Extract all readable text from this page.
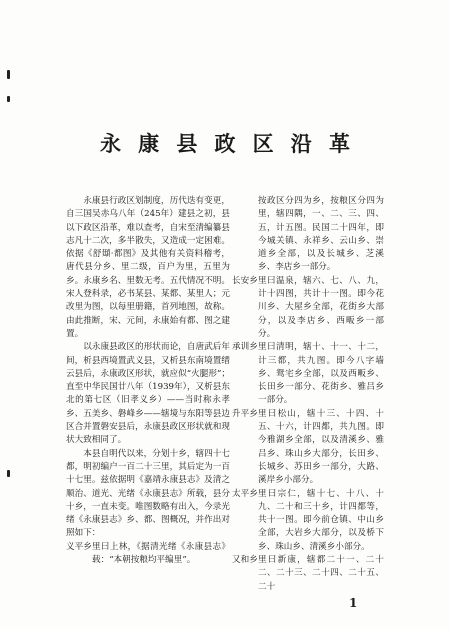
永 康 县 政 区 沿 革

永康县行政区划制度，历代迭有变更，自三国吴赤乌八年（245年）建县之初，县以下政区沿革，难以查考，自宋至清编纂县志凡十二次，多半散失，又造成一定困难。依据《舒頲·都图》及其他有关资料稽考，唐代县分乡、里二级，百户为里，五里为乡。永康乡名、里数无考。五代情况不明。宋人登科录，必书某县、某都、某里人；元改里为图，以每里册籍，首列地图，故称。由此推断，宋、元间，永康始有都、图之建置。

以永康县政区的形状而论，自唐武后年间，析县西境置武义县，又析县东南境置缙云县后，永康政区形状，就应似“火腿形”；直至中华民国廿八年（1939年），又析县东北的第七区（旧孝义乡）——当时称永孝乡、五美乡、磐峰乡——辖境与东阳等县边区合并置磐安县后，永康县政区形状就和现状大致相同了。

本县自明代以来，分划十乡，辖四十七都，明初编户一百二十三里，其后定为一百十七里。兹依据明《嘉靖永康县志》及清之顺治、道光、光绪《永康县志》所载，县分十乡，一直未变。唯图数略有出入，今录光绪《永康县志》乡、都、图概况，并作出对照如下：

义平乡 里曰上林，《据清光绪《永康县志》载：“本朝按粮均平编里”。
按政区分四为乡，按粮区分四为里，辖四隅，一、二、三、四、五，计五图。民国二十四年，即今城关镇、永祥乡、云山乡、崇道乡全部，以及长城乡、芝溪乡、李店乡一部分。
长安乡 里曰温泉，辖六、七、八、九，计十四图，共计十一图。即今花川乡、大屋乡全部，花街乡大部分，以及李店乡、西畈乡一部分。
承训乡 里曰清明，辖十、十一、十二，计三都，共九图。即今八字墙乡、鸳宅乡全部，以及西畈乡、长田乡一部分、花街乡、雅吕乡一部分。
升平乡 里曰松山，辖十三、十四、十五、十六，计四都，共九图。即今雅湖乡全部，以及清溪乡、雅吕乡、珠山乡大部分，长田乡、长城乡、苏田乡一部分，大路、溪岸乡小部分。
太平乡 里曰宗仁，辖十七、十八、十九、二十和三十乡，计四都等，共十一图。即今前仓镇、中山乡全部，大岩乡大部分，以及桥下乡、珠山乡、清溪乡小部分。
又和乡 里曰新康，辖都二十一、二十二、二十三、二十四、二十五、二十
1
